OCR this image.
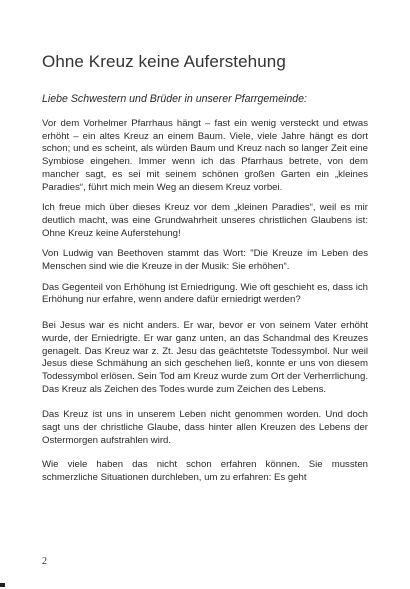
Ohne Kreuz keine Auferstehung

Liebe Schwestern und Brüder in unserer Pfarrgemeinde:

Vor dem Vorhelmer Pfarrhaus hängt – fast ein wenig versteckt und etwas erhöht – ein altes Kreuz an einem Baum. Viele, viele Jahre hängt es dort schon; und es scheint, als würden Baum und Kreuz nach so langer Zeit eine Symbiose eingehen. Immer wenn ich das Pfarrhaus betrete, von dem mancher sagt, es sei mit seinem schönen großen Garten ein „kleines Paradies“, führt mich mein Weg an diesem Kreuz vorbei.

Ich freue mich über dieses Kreuz vor dem „kleinen Paradies“, weil es mir deutlich macht, was eine Grundwahrheit unseres christlichen Glaubens ist: Ohne Kreuz keine Auferstehung!

Von Ludwig van Beethoven stammt das Wort: "Die Kreuze im Leben des Menschen sind wie die Kreuze in der Musik: Sie erhöhen“.

Das Gegenteil von Erhöhung ist Erniedrigung. Wie oft geschieht es, dass ich Erhöhung nur erfahre, wenn andere dafür erniedrigt werden?

Bei Jesus war es nicht anders. Er war, bevor er von seinem Vater erhöht wurde, der Erniedrigte. Er war ganz unten, an das Schandmal des Kreuzes genagelt. Das Kreuz war z. Zt. Jesu das geächtetste Todessymbol. Nur weil Jesus diese Schmähung an sich geschehen ließ, konnte er uns von diesem Todessymbol erlösen. Sein Tod am Kreuz wurde zum Ort der Verherrlichung. Das Kreuz als Zeichen des Todes wurde zum Zeichen des Lebens.

Das Kreuz ist uns in unserem Leben nicht genommen worden. Und doch sagt uns der christliche Glaube, dass hinter allen Kreuzen des Lebens der Ostermorgen aufstrahlen wird.

Wie viele haben das nicht schon erfahren können. Sie mussten schmerzliche Situationen durchleben, um zu erfahren: Es geht

2
